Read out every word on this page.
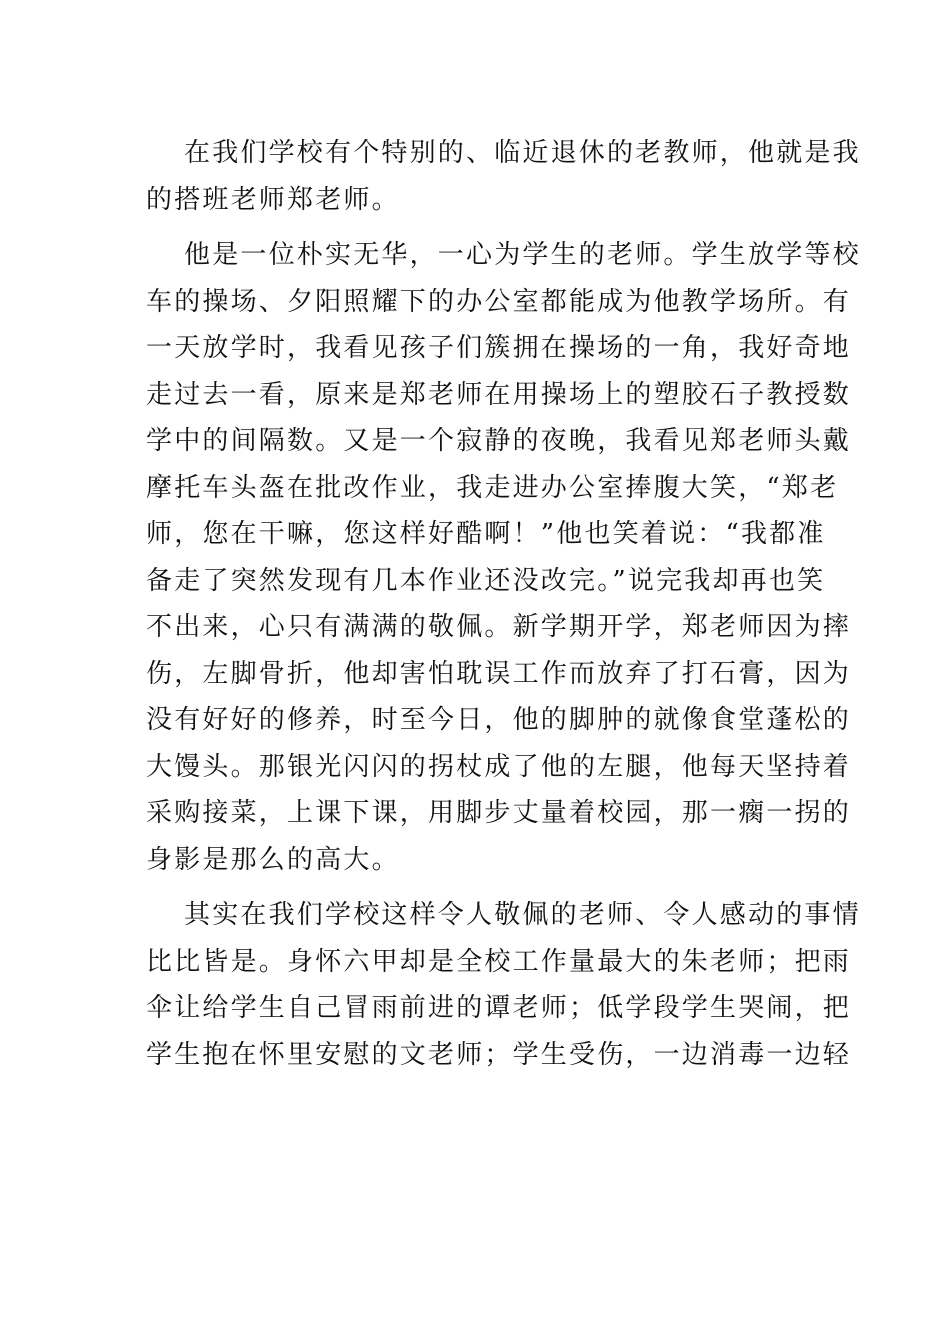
在我们学校有个特别的、临近退休的老教师，他就是我
的搭班老师郑老师。
他是一位朴实无华，一心为学生的老师。学生放学等校
车的操场、夕阳照耀下的办公室都能成为他教学场所。有
一天放学时，我看见孩子们簇拥在操场的一角，我好奇地
走过去一看，原来是郑老师在用操场上的塑胶石子教授数
学中的间隔数。又是一个寂静的夜晚，我看见郑老师头戴
摩托车头盔在批改作业，我走进办公室捧腹大笑，“郑老
师，您在干嘛，您这样好酷啊！”他也笑着说：“我都准
备走了突然发现有几本作业还没改完。”说完我却再也笑
不出来，心只有满满的敬佩。新学期开学，郑老师因为摔
伤，左脚骨折，他却害怕耽误工作而放弃了打石膏，因为
没有好好的修养，时至今日，他的脚肿的就像食堂蓬松的
大馒头。那银光闪闪的拐杖成了他的左腿，他每天坚持着
采购接菜，上课下课，用脚步丈量着校园，那一瘸一拐的
身影是那么的高大。
其实在我们学校这样令人敬佩的老师、令人感动的事情
比比皆是。身怀六甲却是全校工作量最大的朱老师；把雨
伞让给学生自己冒雨前进的谭老师；低学段学生哭闹，把
学生抱在怀里安慰的文老师；学生受伤，一边消毒一边轻
